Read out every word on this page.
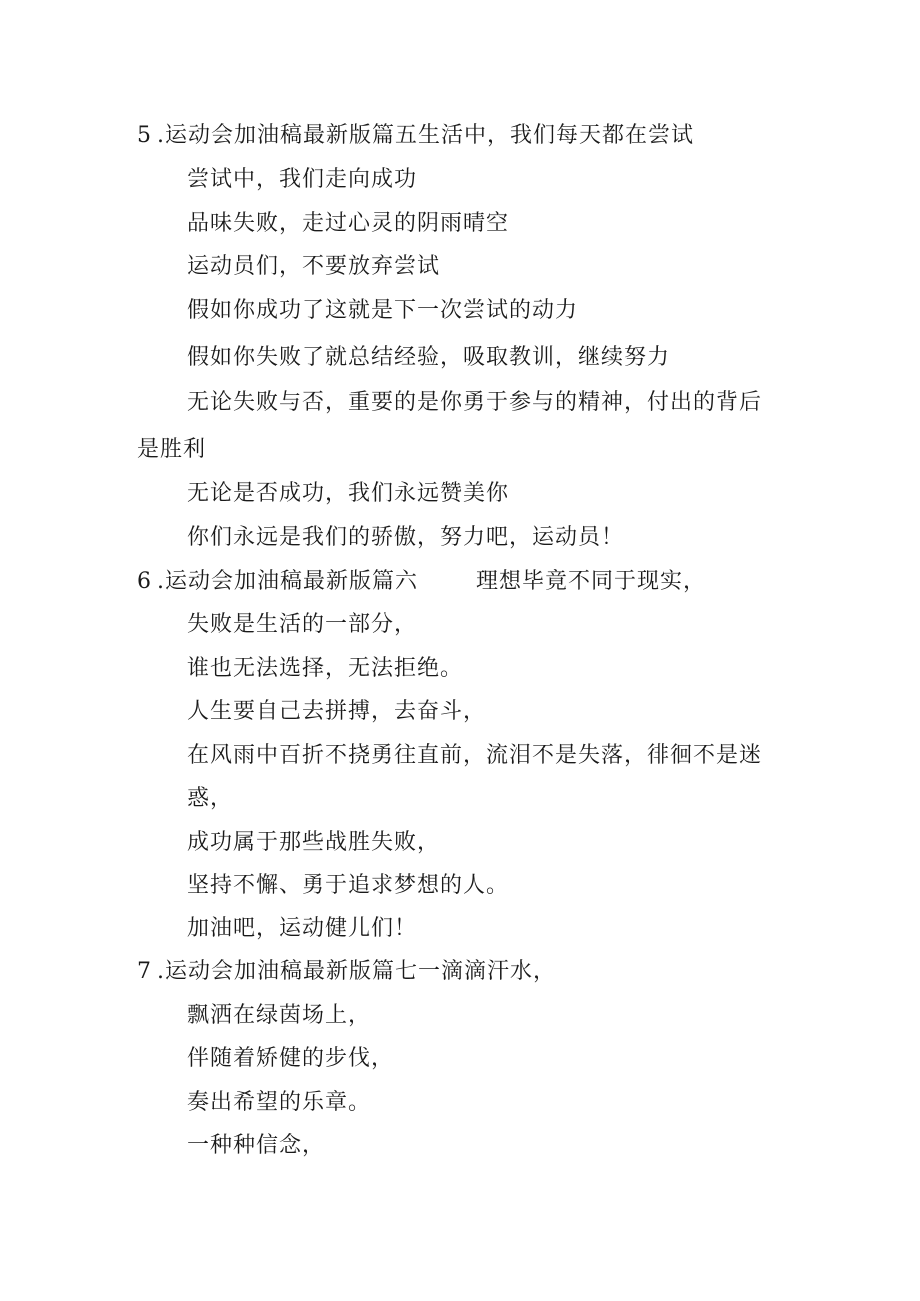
5 .运动会加油稿最新版篇五生活中，我们每天都在尝试
尝试中，我们走向成功
品味失败，走过心灵的阴雨晴空
运动员们，不要放弃尝试
假如你成功了这就是下一次尝试的动力
假如你失败了就总结经验，吸取教训，继续努力
无论失败与否，重要的是你勇于参与的精神，付出的背后
是胜利
无论是否成功，我们永远赞美你
你们永远是我们的骄傲，努力吧，运动员！
6 .运动会加油稿最新版篇六	理想毕竟不同于现实，
失败是生活的一部分，
谁也无法选择，无法拒绝。
人生要自己去拼搏，去奋斗，
在风雨中百折不挠勇往直前，流泪不是失落，徘徊不是迷
惑，
成功属于那些战胜失败，
坚持不懈、勇于追求梦想的人。
加油吧，运动健儿们！
7 .运动会加油稿最新版篇七一滴滴汗水，
飘洒在绿茵场上，
伴随着矫健的步伐，
奏出希望的乐章。
一种种信念，
